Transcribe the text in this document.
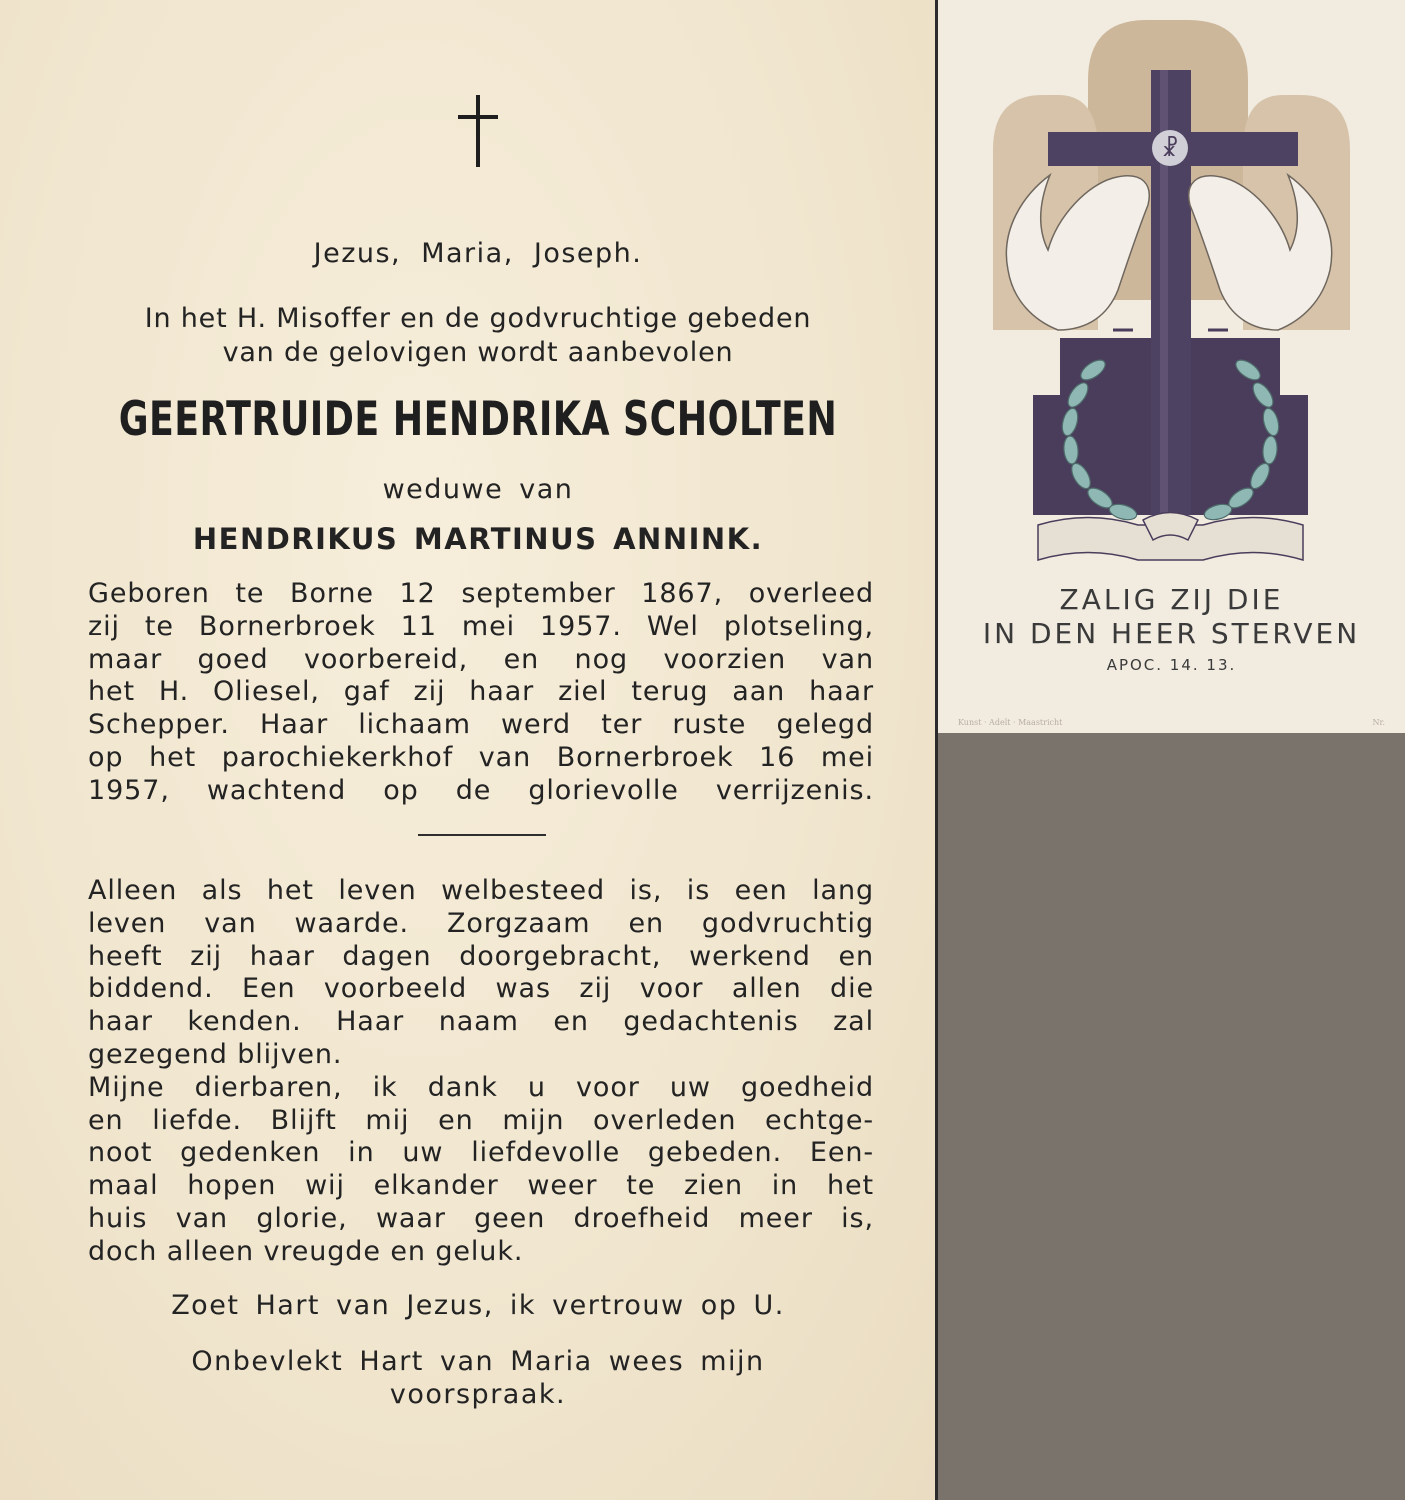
Jezus, Maria, Joseph.
In het H. Misoffer en de godvruchtige gebeden
van de gelovigen wordt aanbevolen
GEERTRUIDE HENDRIKA SCHOLTEN
weduwe van
HENDRIKUS MARTINUS ANNINK.
Geboren te Borne 12 september 1867, overleed
zij te Bornerbroek 11 mei 1957. Wel plotseling,
maar goed voorbereid, en nog voorzien van
het H. Oliesel, gaf zij haar ziel terug aan haar
Schepper. Haar lichaam werd ter ruste gelegd
op het parochiekerkhof van Bornerbroek 16 mei
1957, wachtend op de glorievolle verrijzenis.
Alleen als het leven welbesteed is, is een lang
leven van waarde. Zorgzaam en godvruchtig
heeft zij haar dagen doorgebracht, werkend en
biddend. Een voorbeeld was zij voor allen die
haar kenden. Haar naam en gedachtenis zal
gezegend blijven.
Mijne dierbaren, ik dank u voor uw goedheid
en liefde. Blijft mij en mijn overleden echtge-
noot gedenken in uw liefdevolle gebeden. Een-
maal hopen wij elkander weer te zien in het
huis van glorie, waar geen droefheid meer is,
doch alleen vreugde en geluk.
Zoet Hart van Jezus, ik vertrouw op U.
Onbevlekt Hart van Maria wees mijn
voorspraak.
☧
ZALIG ZIJ DIE
IN DEN HEER STERVEN
APOC. 14. 13.
Kunst · Adelt · Maastricht	Nr.
